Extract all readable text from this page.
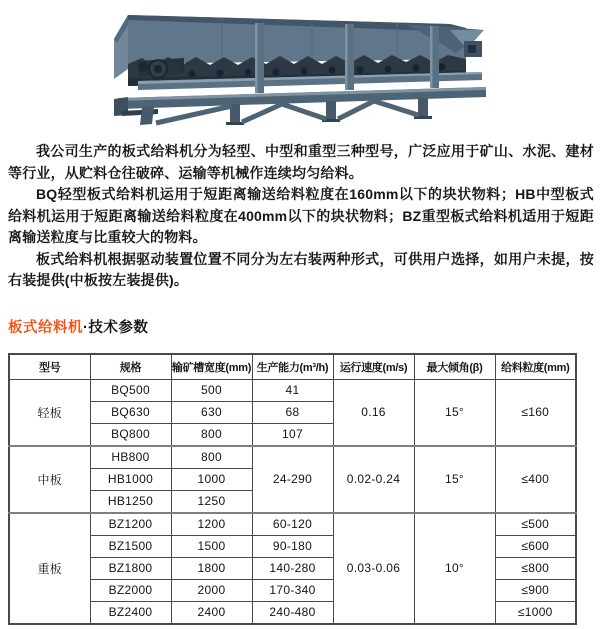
我公司生产的板式给料机分为轻型、中型和重型三种型号，广泛应用于矿山、水泥、建材等行业，从贮料仓往破碎、运输等机械作连续均匀给料。

BQ轻型板式给料机运用于短距离输送给料粒度在160mm以下的块状物料；HB中型板式给料机运用于短距离输送给料粒度在400mm以下的块状物料；BZ重型板式给料机适用于短距离输送粒度与比重较大的物料。

板式给料机根据驱动装置位置不同分为左右装两种形式，可供用户选择，如用户未提，按右装提供(中板按左装提供)。

板式给料机·技术参数
型号	规格	输矿槽宽度(mm)	生产能力(m³/h)	运行速度(m/s)	最大倾角(β)	给料粒度(mm)
轻板	BQ500	500	41	0.16	15°	≤160
	BQ630	630	68			
	BQ800	800	107			
中板	HB800	800	24-290	0.02-0.24	15°	≤400
	HB1000	1000				
	HB1250	1250				
重板	BZ1200	1200	60-120	0.03-0.06	10°	≤500
	BZ1500	1500	90-180			≤600
	BZ1800	1800	140-280			≤800
	BZ2000	2000	170-340			≤900
	BZ2400	2400	240-480			≤1000
